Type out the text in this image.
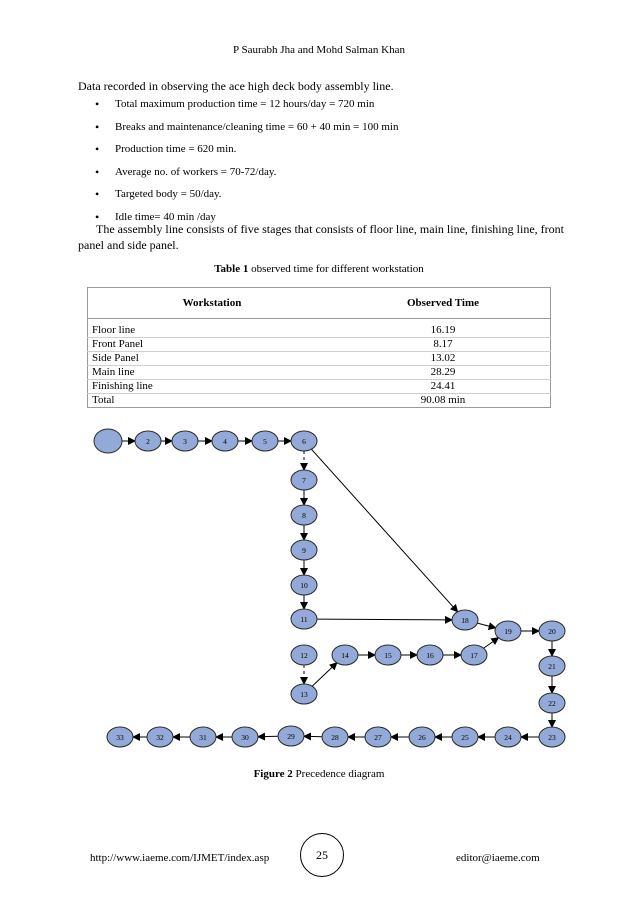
P Saurabh Jha and Mohd Salman Khan
Data recorded in observing the ace high deck body assembly line.
• Total maximum production time = 12 hours/day = 720 min
• Breaks and maintenance/cleaning time = 60 + 40 min = 100 min
• Production time = 620 min.
• Average no. of workers = 70-72/day.
• Targeted body = 50/day.
• Idle time= 40 min /day
The assembly line consists of five stages that consists of floor line, main line, finishing line, front panel and side panel.
Table 1 observed time for different workstation
Workstation	Observed Time
Floor line	16.19
Front Panel	8.17
Side Panel	13.02
Main line	28.29
Finishing line	24.41
Total	90.08 min
2	3	4	5	6
7
8
9
10
11
12
13
14	15	16	17
18
19	20
21
22
23
24
25
26
27
28
29
30
31
32
33
Figure 2 Precedence diagram
http://www.iaeme.com/IJMET/index.asp	25	editor@iaeme.com
